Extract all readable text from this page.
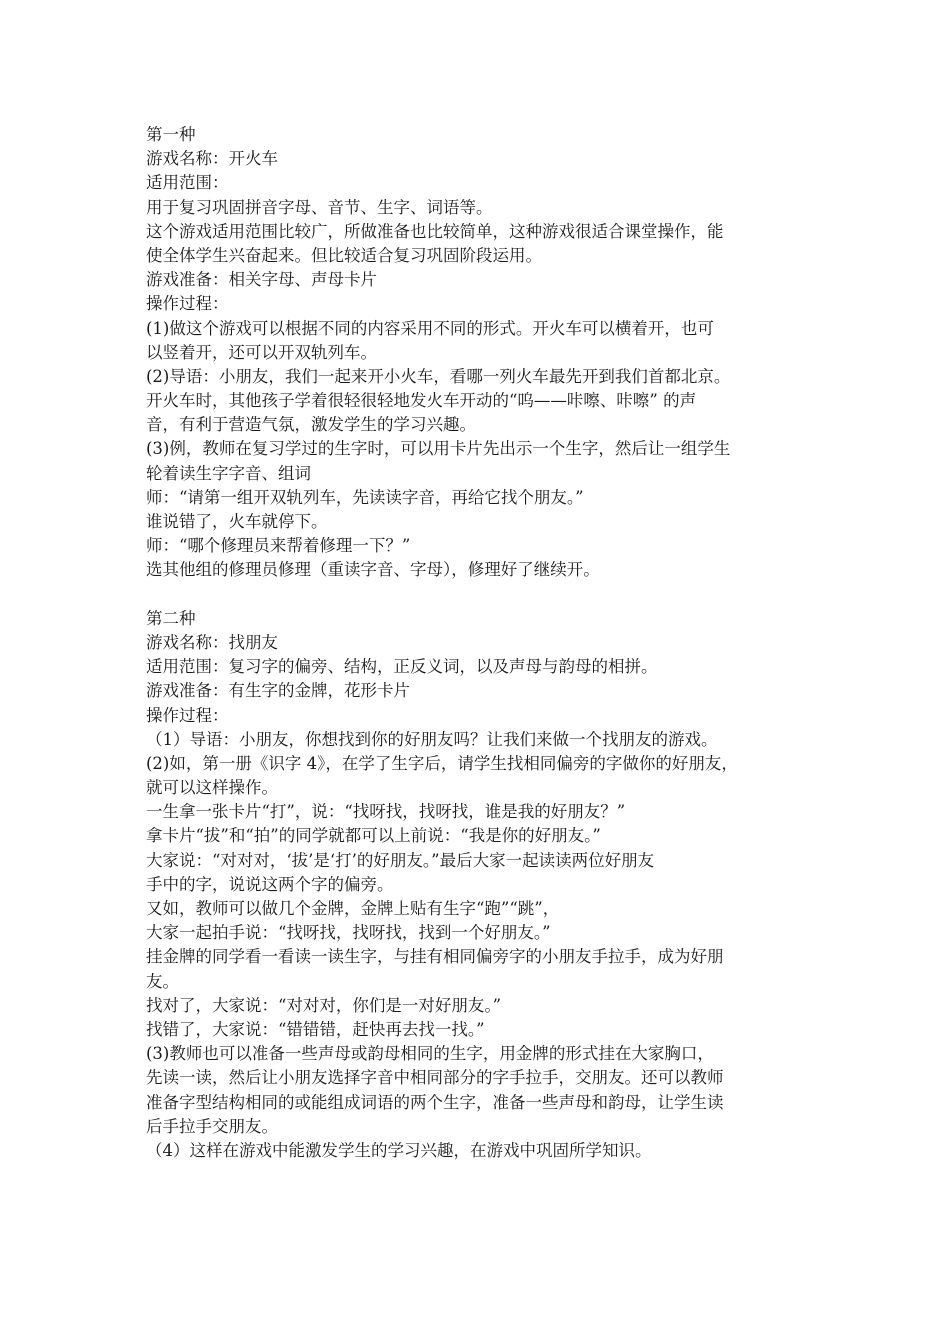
第一种

游戏名称：开火车

适用范围：

用于复习巩固拼音字母、音节、生字、词语等。

这个游戏适用范围比较广，所做准备也比较简单，这种游戏很适合课堂操作，能

使全体学生兴奋起来。但比较适合复习巩固阶段运用。

游戏准备：相关字母、声母卡片

操作过程：

(1)做这个游戏可以根据不同的内容采用不同的形式。开火车可以横着开，也可

以竖着开，还可以开双轨列车。

(2)导语：小朋友，我们一起来开小火车，看哪一列火车最先开到我们首都北京。

开火车时，其他孩子学着很轻很轻地发火车开动的“呜——咔嚓、咔嚓” 的声

音，有利于营造气氛，激发学生的学习兴趣。

(3)例，教师在复习学过的生字时，可以用卡片先出示一个生字，然后让一组学生

轮着读生字字音、组词

师：“请第一组开双轨列车，先读读字音，再给它找个朋友。”

谁说错了，火车就停下。

师：“哪个修理员来帮着修理一下？”

选其他组的修理员修理（重读字音、字母），修理好了继续开。

第二种

游戏名称：找朋友

适用范围：复习字的偏旁、结构，正反义词，以及声母与韵母的相拼。

游戏准备：有生字的金牌，花形卡片

操作过程：

（1）导语：小朋友，你想找到你的好朋友吗？让我们来做一个找朋友的游戏。

(2)如，第一册《识字 4》，在学了生字后，请学生找相同偏旁的字做你的好朋友，

就可以这样操作。

一生拿一张卡片“打”，说：“找呀找，找呀找，谁是我的好朋友？”

拿卡片“拔”和“拍”的同学就都可以上前说：“我是你的好朋友。”

大家说：“对对对，‘拔’是‘打’的好朋友。”最后大家一起读读两位好朋友

手中的字，说说这两个字的偏旁。

又如，教师可以做几个金牌，金牌上贴有生字“跑”“跳”，

大家一起拍手说：“找呀找，找呀找，找到一个好朋友。”

挂金牌的同学看一看读一读生字，与挂有相同偏旁字的小朋友手拉手，成为好朋

友。

找对了，大家说：“对对对，你们是一对好朋友。”

找错了，大家说：“错错错，赶快再去找一找。”

(3)教师也可以准备一些声母或韵母相同的生字，用金牌的形式挂在大家胸口，

先读一读，然后让小朋友选择字音中相同部分的字手拉手，交朋友。还可以教师

准备字型结构相同的或能组成词语的两个生字，准备一些声母和韵母，让学生读

后手拉手交朋友。

（4）这样在游戏中能激发学生的学习兴趣，在游戏中巩固所学知识。
